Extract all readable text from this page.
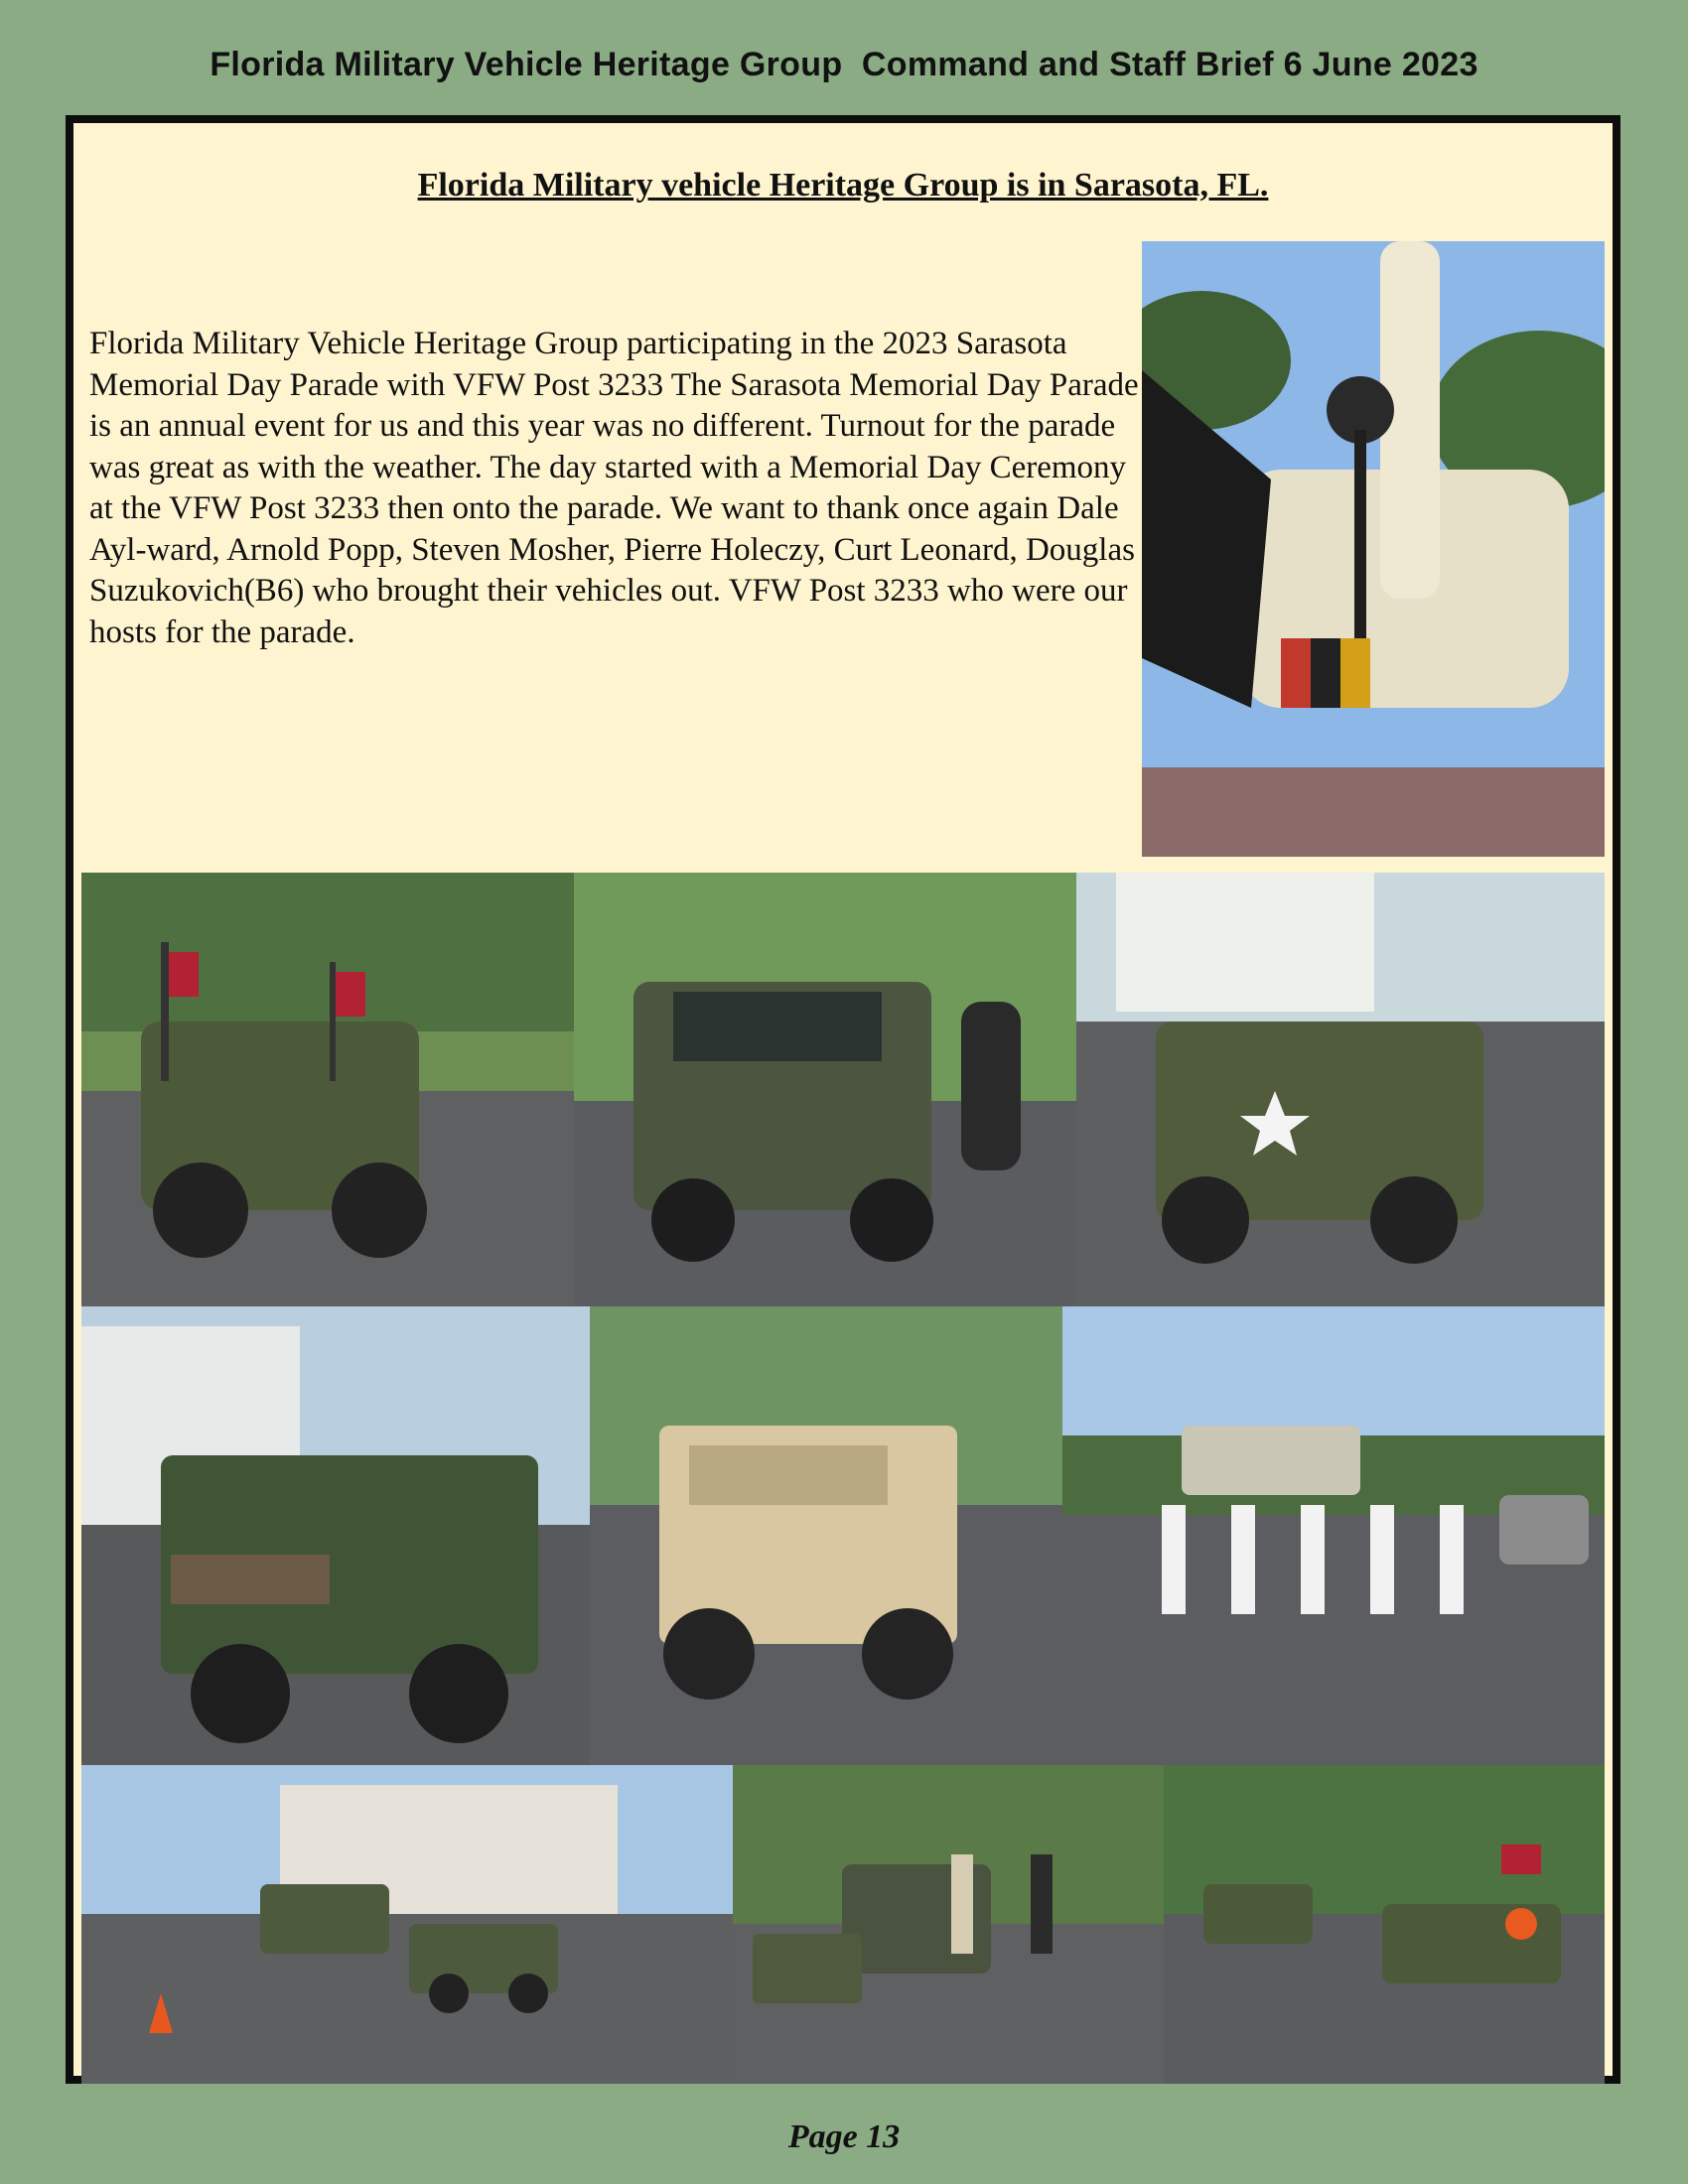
Florida Military Vehicle Heritage Group Command and Staff Brief 6 June 2023
Florida Military vehicle Heritage Group is in Sarasota, FL.

Florida Military Vehicle Heritage Group participating in the 2023 Sarasota Memorial Day Parade with VFW Post 3233 The Sarasota Memorial Day Parade is an annual event for us and this year was no different. Turnout for the parade was great as with the weather. The day started with a Memorial Day Ceremony at the VFW Post 3233 then onto the parade. We want to thank once again Dale Ayl-ward, Arnold Popp, Steven Mosher, Pierre Holeczy, Curt Leonard, Douglas Suzukovich(B6) who brought their vehicles out. VFW Post 3233 who were our hosts for the parade.

Page 13
